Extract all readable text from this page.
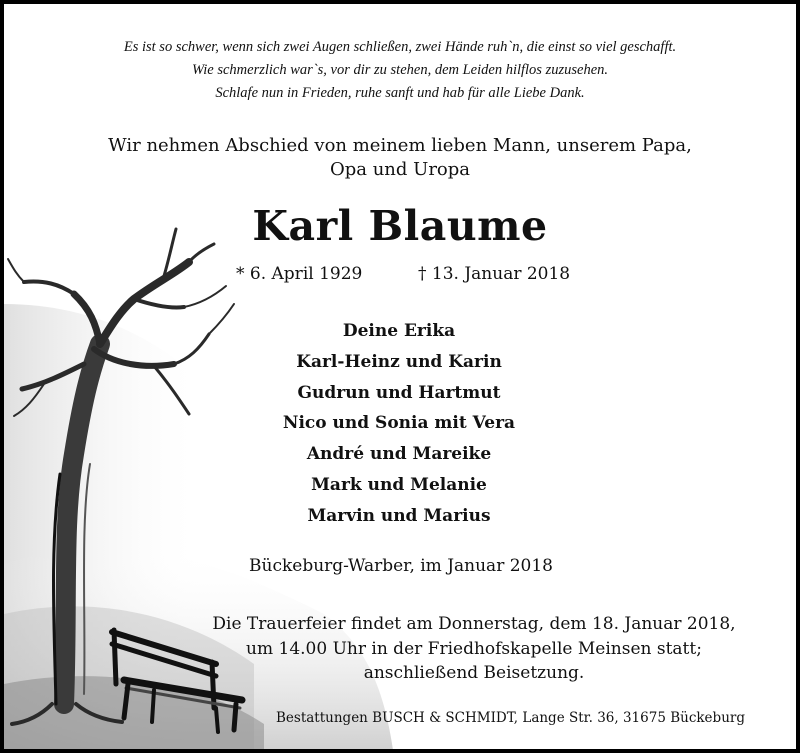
Es ist so schwer, wenn sich zwei Augen schließen, zwei Hände ruh`n, die einst so viel geschafft.
Wie schmerzlich war`s, vor dir zu stehen, dem Leiden hilflos zuzusehen.
Schlafe nun in Frieden, ruhe sanft und hab für alle Liebe Dank.
Wir nehmen Abschied von meinem lieben Mann, unserem Papa,
Opa und Uropa
Karl Blaume
* 6. April 1929	† 13. Januar 2018
Deine Erika
Karl-Heinz und Karin
Gudrun und Hartmut
Nico und Sonia mit Vera
André und Mareike
Mark und Melanie
Marvin und Marius
Bückeburg-Warber, im Januar 2018
Die Trauerfeier findet am Donnerstag, dem 18. Januar 2018,
um 14.00 Uhr in der Friedhofskapelle Meinsen statt;
anschließend Beisetzung.
Bestattungen BUSCH & SCHMIDT, Lange Str. 36, 31675 Bückeburg
